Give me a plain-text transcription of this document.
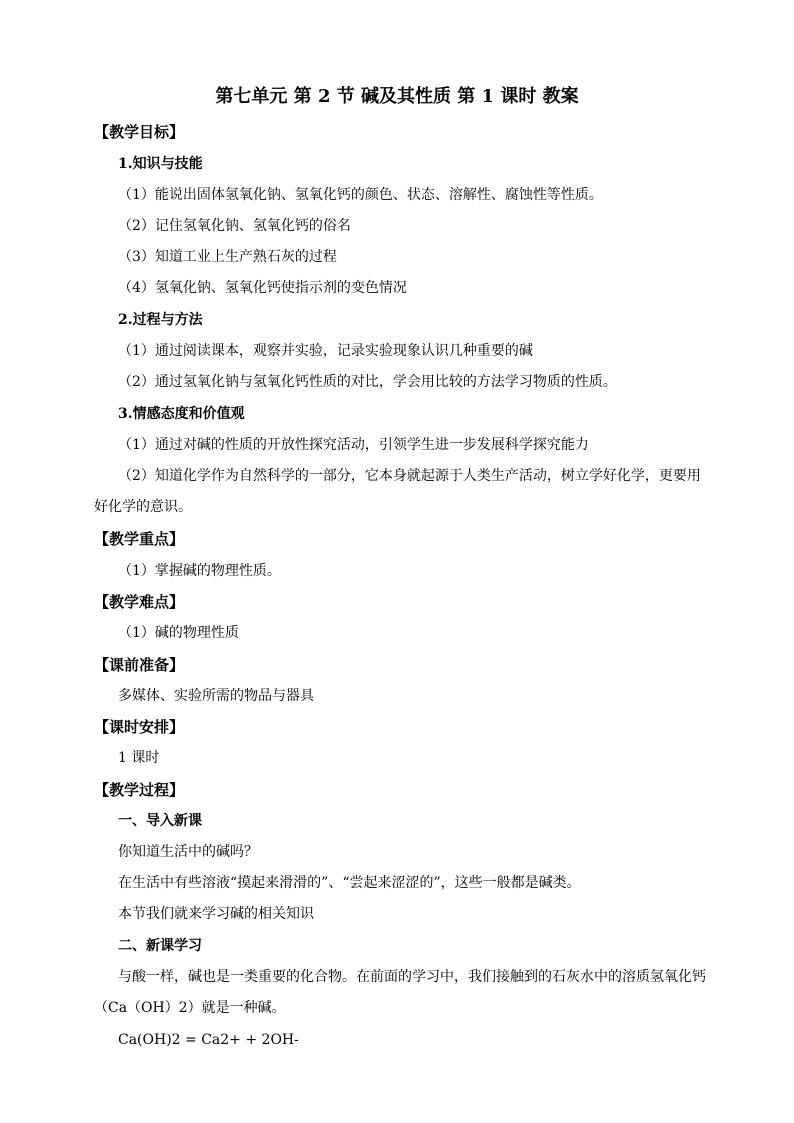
第七单元 第 2 节 碱及其性质 第 1 课时 教案
【教学目标】
1.知识与技能
（1）能说出固体氢氧化钠、氢氧化钙的颜色、状态、溶解性、腐蚀性等性质。
（2）记住氢氧化钠、氢氧化钙的俗名
（3）知道工业上生产熟石灰的过程
（4）氢氧化钠、氢氧化钙使指示剂的变色情况
2.过程与方法
（1）通过阅读课本，观察并实验，记录实验现象认识几种重要的碱
（2）通过氢氧化钠与氢氧化钙性质的对比，学会用比较的方法学习物质的性质。
3.情感态度和价值观
（1）通过对碱的性质的开放性探究活动，引领学生进一步发展科学探究能力
（2）知道化学作为自然科学的一部分，它本身就起源于人类生产活动，树立学好化学，更要用
好化学的意识。
【教学重点】
（1）掌握碱的物理性质。
【教学难点】
（1）碱的物理性质
【课前准备】
多媒体、实验所需的物品与器具
【课时安排】
1 课时
【教学过程】
一、导入新课
你知道生活中的碱吗？
在生活中有些溶液“摸起来滑滑的”、“尝起来涩涩的”，这些一般都是碱类。
本节我们就来学习碱的相关知识
二、新课学习
与酸一样，碱也是一类重要的化合物。在前面的学习中，我们接触到的石灰水中的溶质氢氧化钙
（Ca（OH）2）就是一种碱。
Ca(OH)2 = Ca2+ + 2OH-
